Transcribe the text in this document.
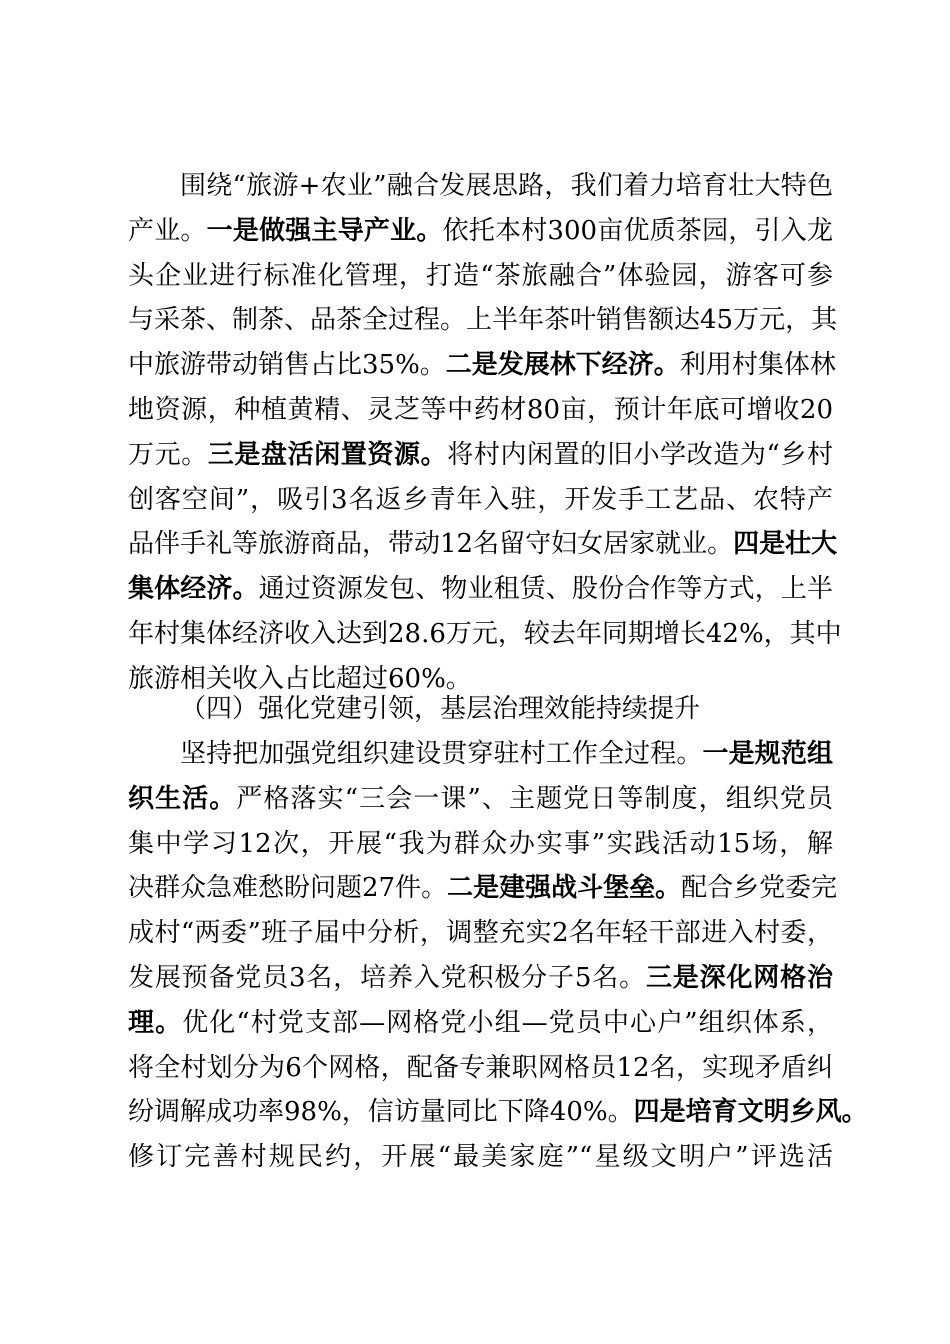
围绕“旅游+农业”融合发展思路，我们着力培育壮大特色
产业。一是做强主导产业。依托本村300亩优质茶园，引入龙
头企业进行标准化管理，打造“茶旅融合”体验园，游客可参
与采茶、制茶、品茶全过程。上半年茶叶销售额达45万元，其
中旅游带动销售占比35%。二是发展林下经济。利用村集体林
地资源，种植黄精、灵芝等中药材80亩，预计年底可增收20
万元。三是盘活闲置资源。将村内闲置的旧小学改造为“乡村
创客空间”，吸引3名返乡青年入驻，开发手工艺品、农特产
品伴手礼等旅游商品，带动12名留守妇女居家就业。四是壮大
集体经济。通过资源发包、物业租赁、股份合作等方式，上半
年村集体经济收入达到28.6万元，较去年同期增长42%，其中
旅游相关收入占比超过60%。
（四）强化党建引领，基层治理效能持续提升
坚持把加强党组织建设贯穿驻村工作全过程。一是规范组
织生活。严格落实“三会一课”、主题党日等制度，组织党员
集中学习12次，开展“我为群众办实事”实践活动15场，解
决群众急难愁盼问题27件。二是建强战斗堡垒。配合乡党委完
成村“两委”班子届中分析，调整充实2名年轻干部进入村委，
发展预备党员3名，培养入党积极分子5名。三是深化网格治
理。优化“村党支部—网格党小组—党员中心户”组织体系，
将全村划分为6个网格，配备专兼职网格员12名，实现矛盾纠
纷调解成功率98%，信访量同比下降40%。四是培育文明乡风。
修订完善村规民约，开展“最美家庭”“星级文明户”评选活
